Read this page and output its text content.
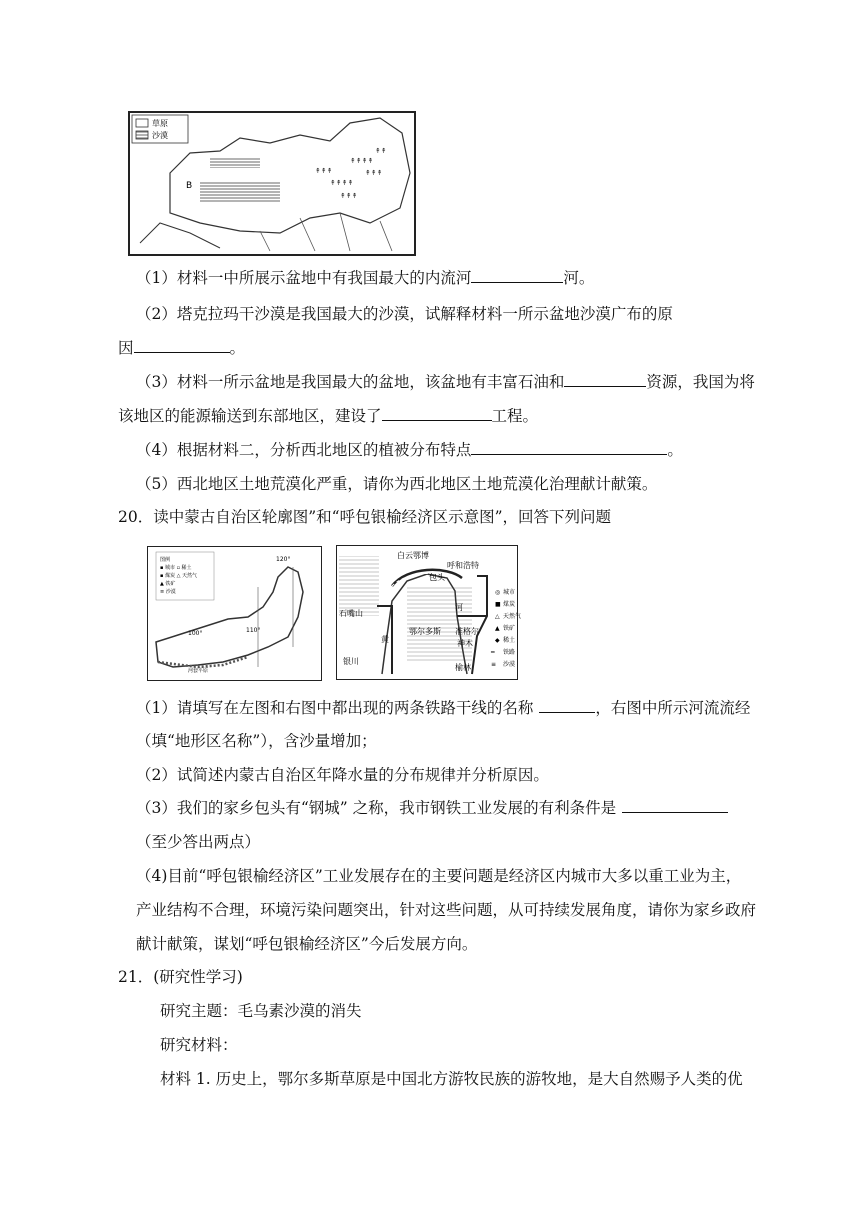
↟↟↟
↟↟↟↟
↟↟↟↟
↟↟↟
↟↟↟
↟↟
B
草原
沙漠
（1）材料一中所展示盆地中有我国最大的内流河	河。
（2）塔克拉玛干沙漠是我国最大的沙漠，试解释材料一所示盆地沙漠广布的原
因	。
（3）材料一所示盆地是我国最大的盆地，该盆地有丰富石油和	资源，我国为将
该地区的能源输送到东部地区，建设了	工程。
（4）根据材料二，分析西北地区的植被分布特点	。
（5）西北地区土地荒漠化严重，请你为西北地区土地荒漠化治理献计献策。
20．读中蒙古自治区轮廓图”和“呼包银榆经济区示意图”，回答下列问题
图例
▪ 城市 ▫ 稀土
▪ 煤炭 △ 天然气
▲ 铁矿
≡ 沙漠
120°
110°
100°
河套平原
白云鄂博
呼和浩特
包头
石嘴山
河
鄂尔多斯 准格尔
黄	神木
银川
榆林
◎ 城市
■ 煤炭
△ 天然气
▲ 铁矿
◆ 稀土
━ 铁路
≡ 沙漠
（1）请填写在左图和右图中都出现的两条铁路干线的名称	，右图中所示河流流经
（填“地形区名称”），含沙量增加；
（2）试简述内蒙古自治区年降水量的分布规律并分析原因。
（3）我们的家乡包头有“钢城” 之称，我市钢铁工业发展的有利条件是
（至少答出两点）
（4)目前“呼包银榆经济区”工业发展存在的主要问题是经济区内城市大多以重工业为主，
产业结构不合理，环境污染问题突出，针对这些问题，从可持续发展角度，请你为家乡政府
献计献策，谋划“呼包银榆经济区”今后发展方向。
21．(研究性学习)
研究主题：毛乌素沙漠的消失
研究材料：
材料 1. 历史上，鄂尔多斯草原是中国北方游牧民族的游牧地，是大自然赐予人类的优
